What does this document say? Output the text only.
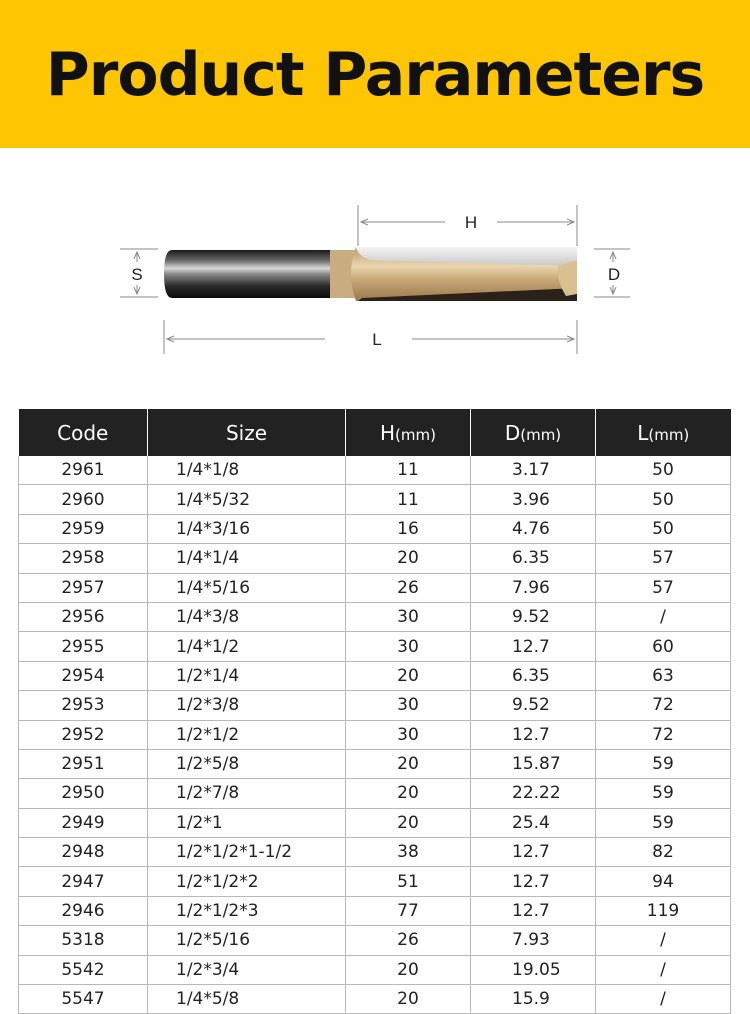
Product Parameters
H
S	D
L
Code	Size	H(mm)	D(mm)	L(mm)
2961	1/4*1/8	11	3.17	50
2960	1/4*5/32	11	3.96	50
2959	1/4*3/16	16	4.76	50
2958	1/4*1/4	20	6.35	57
2957	1/4*5/16	26	7.96	57
2956	1/4*3/8	30	9.52	/
2955	1/4*1/2	30	12.7	60
2954	1/2*1/4	20	6.35	63
2953	1/2*3/8	30	9.52	72
2952	1/2*1/2	30	12.7	72
2951	1/2*5/8	20	15.87	59
2950	1/2*7/8	20	22.22	59
2949	1/2*1	20	25.4	59
2948	1/2*1/2*1-1/2	38	12.7	82
2947	1/2*1/2*2	51	12.7	94
2946	1/2*1/2*3	77	12.7	119
5318	1/2*5/16	26	7.93	/
5542	1/2*3/4	20	19.05	/
5547	1/4*5/8	20	15.9	/
